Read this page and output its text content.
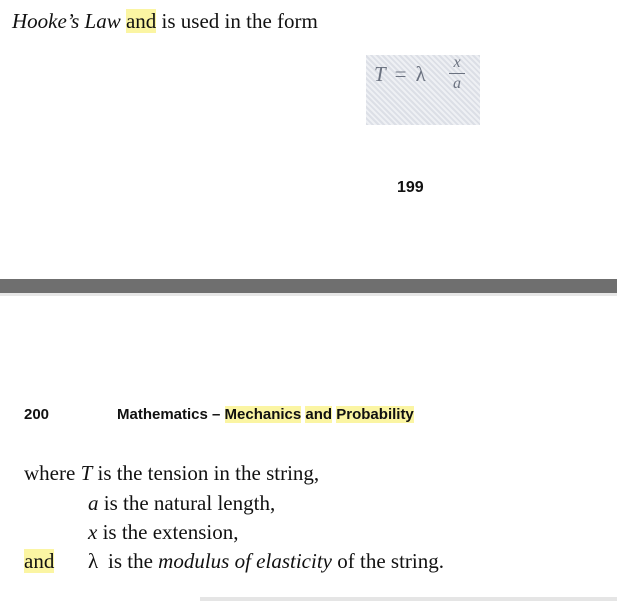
Hooke’s Law and is used in the form
T = λ x
a
199
200	Mathematics – Mechanics and Probability
where T is the tension in the string,
a is the natural length,
x is the extension,
and λ is the modulus of elasticity of the string.
